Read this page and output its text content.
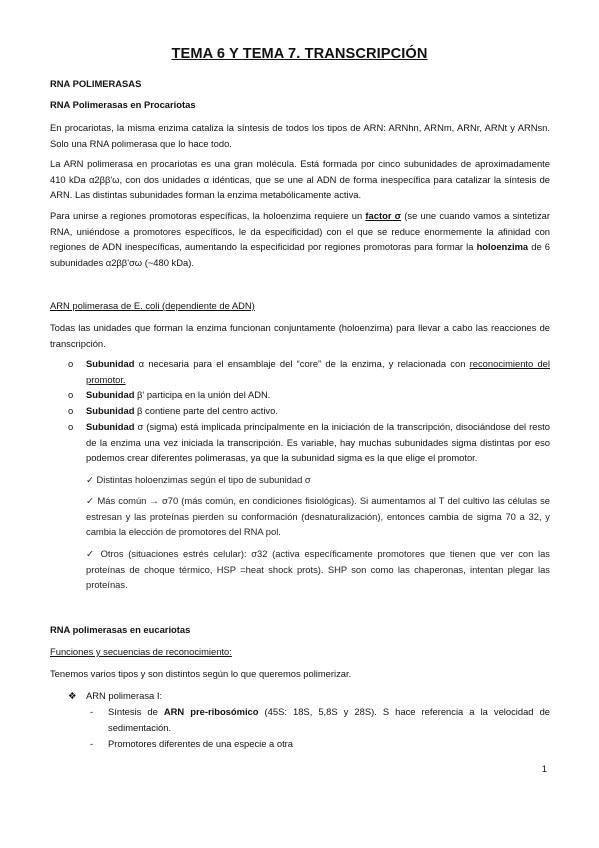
TEMA 6 Y TEMA 7. TRANSCRIPCIÓN
RNA POLIMERASAS
RNA Polimerasas en Procariotas
En procariotas, la misma enzima cataliza la síntesis de todos los tipos de ARN: ARNhn, ARNm, ARNr, ARNt y ARNsn. Solo una RNA polimerasa que lo hace todo.
La ARN polimerasa en procariotas es una gran molécula. Está formada por cinco subunidades de aproximadamente 410 kDa α2ββ'ω, con dos unidades α idénticas, que se une al ADN de forma inespecífica para catalizar la síntesis de ARN. Las distintas subunidades forman la enzima metabólicamente activa.
Para unirse a regiones promotoras específicas, la holoenzima requiere un factor σ (se une cuando vamos a sintetizar RNA, uniéndose a promotores específicos, le da especificidad) con el que se reduce enormemente la afinidad con regiones de ADN inespecíficas, aumentando la especificidad por regiones promotoras para formar la holoenzima de 6 subunidades α2ββ'σω (~480 kDa).
ARN polimerasa de E. coli (dependiente de ADN)
Todas las unidades que forman la enzima funcionan conjuntamente (holoenzima) para llevar a cabo las reacciones de transcripción.
o Subunidad α necesaria para el ensamblaje del “core” de la enzima, y relacionada con reconocimiento del promotor.
o Subunidad β' participa en la unión del ADN.
o Subunidad β contiene parte del centro activo.
o Subunidad σ (sigma) está implicada principalmente en la iniciación de la transcripción, disociándose del resto de la enzima una vez iniciada la transcripción. Es variable, hay muchas subunidades sigma distintas por eso podemos crear diferentes polimerasas, ya que la subunidad sigma es la que elige el promotor.
✓ Distintas holoenzimas según el tipo de subunidad σ
✓ Más común → σ70 (más común, en condiciones fisiológicas). Si aumentamos al T del cultivo las células se estresan y las proteínas pierden su conformación (desnaturalización), entonces cambia de sigma 70 a 32, y cambia la elección de promotores del RNA pol.
✓ Otros (situaciones estrés celular): σ32 (activa específicamente promotores que tienen que ver con las proteínas de choque térmico, HSP =heat shock prots). SHP son como las chaperonas, intentan plegar las proteínas.
RNA polimerasas en eucariotas
Funciones y secuencias de reconocimiento:
Tenemos varios tipos y son distintos según lo que queremos polimerizar.
❖ ARN polimerasa I:
- Síntesis de ARN pre-ribosómico (45S: 18S, 5,8S y 28S). S hace referencia a la velocidad de sedimentación.
- Promotores diferentes de una especie a otra
1
